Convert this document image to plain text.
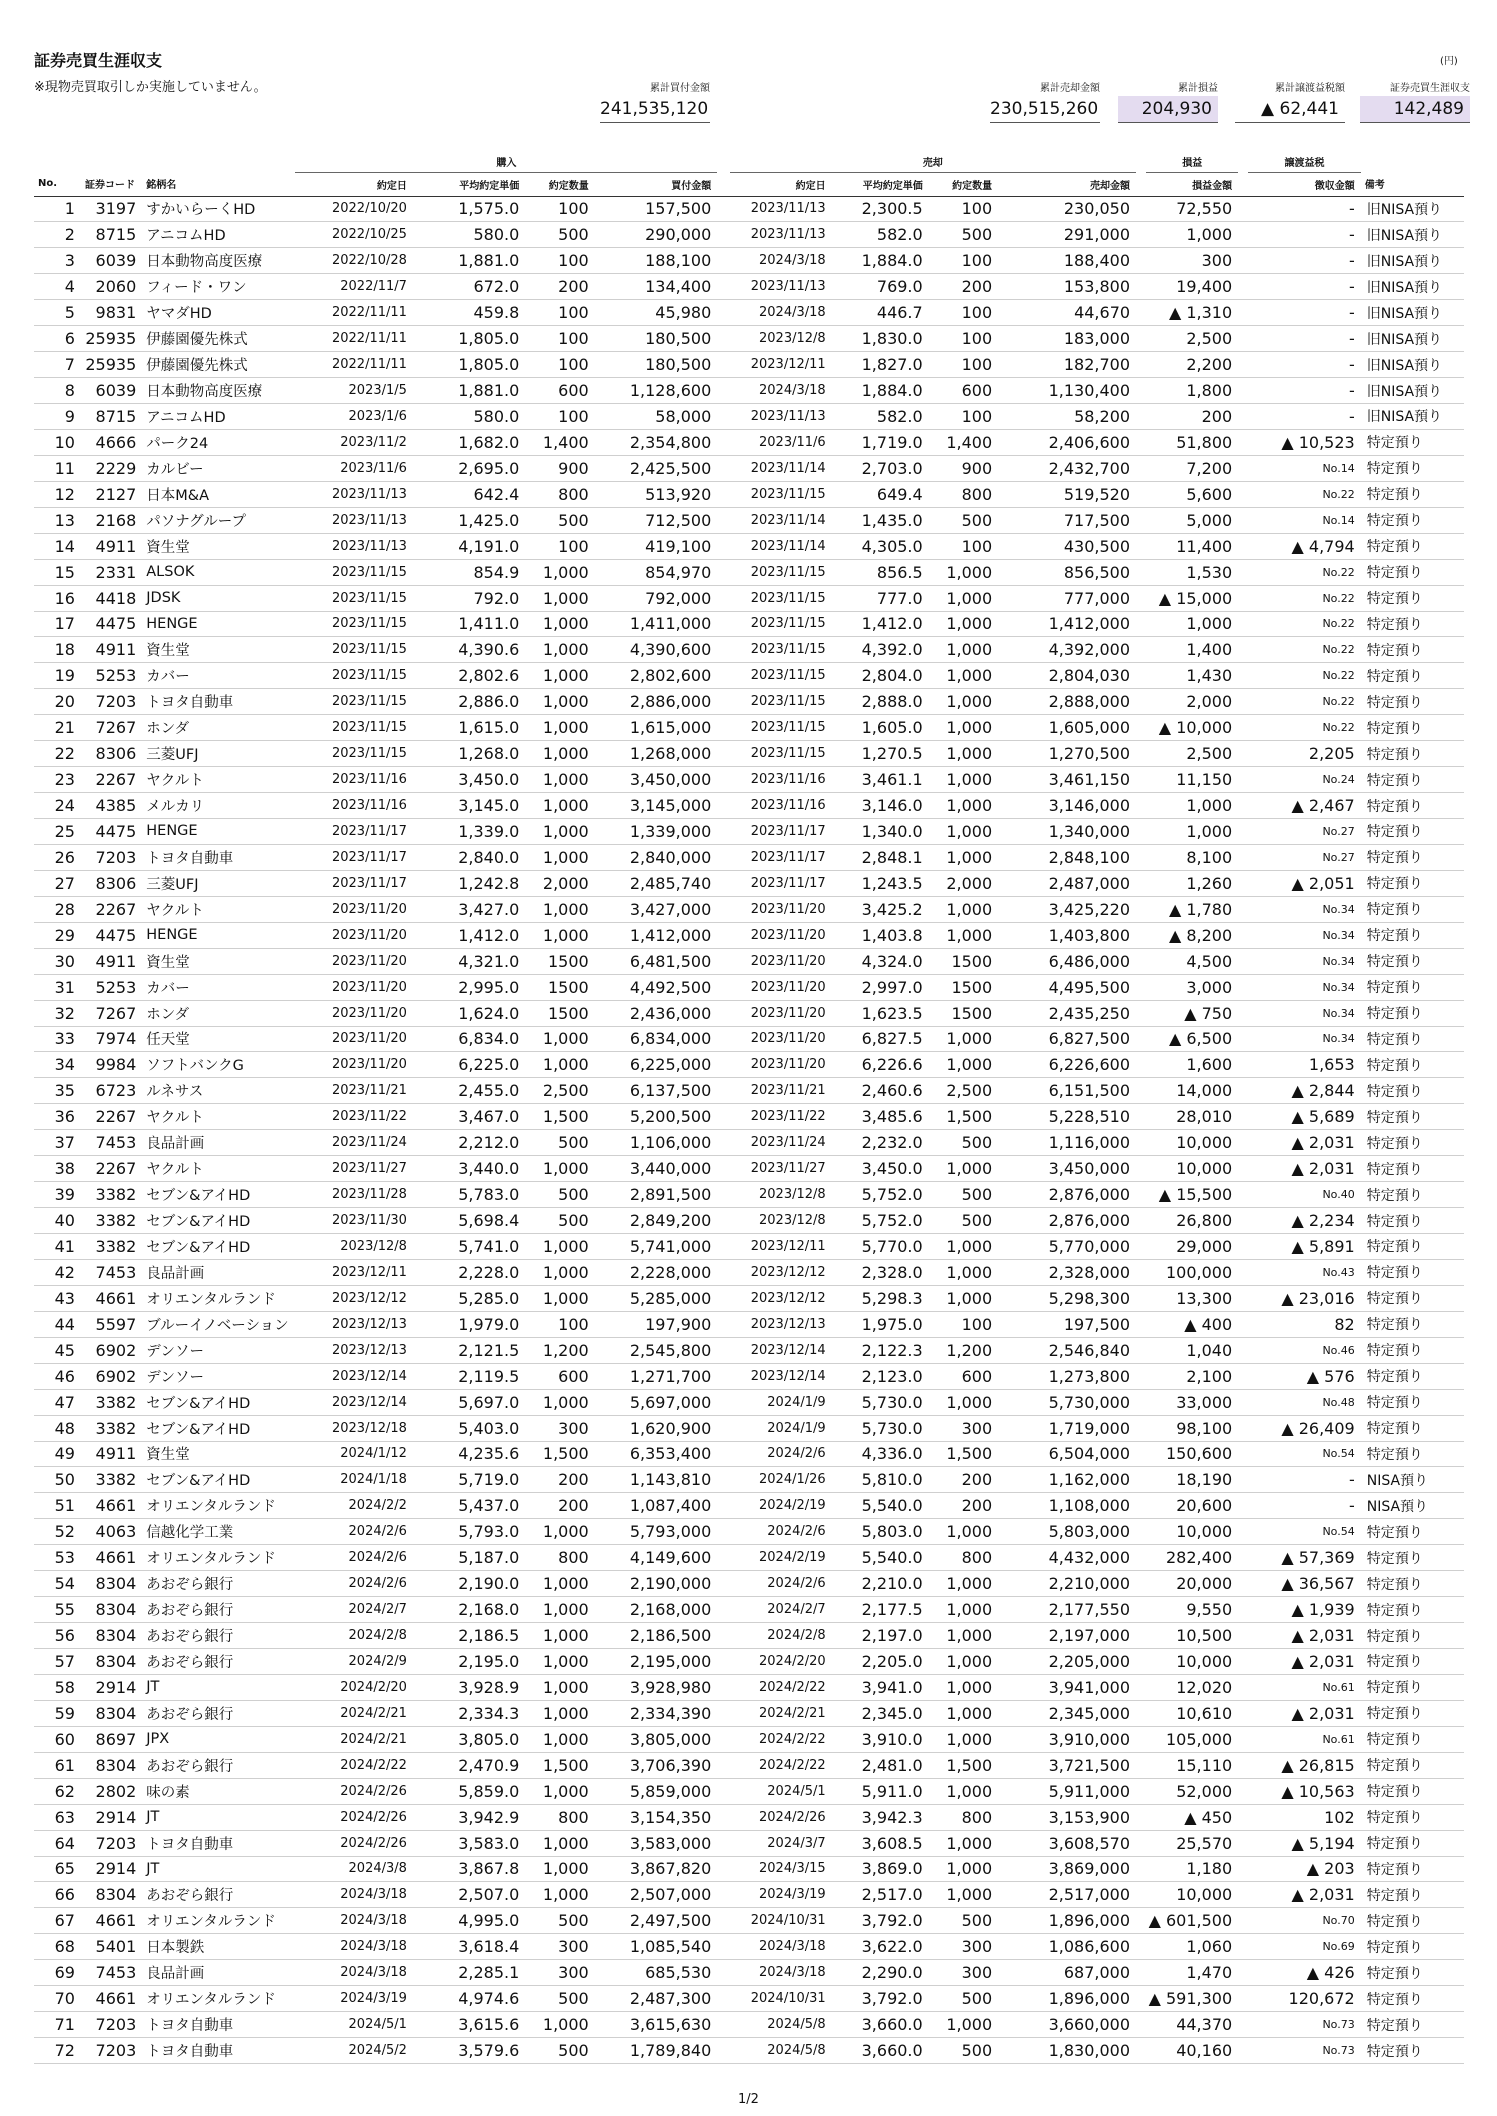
証券売買生涯収支
※現物売買取引しか実施していません。
(円)
累計買付金額
241,535,120
累計売却金額
230,515,260
累計損益
204,930
累計譲渡益税額
▲ 62,441
証券売買生涯収支
142,489
			購入					売却					損益		譲渡益税	
No.	証券コード	銘柄名	約定日	平均約定単価	約定数量	買付金額		約定日	平均約定単価	約定数量	売却金額		損益金額		徴収金額	備考
1	3197	すかいらーくHD	2022/10/20	1,575.0	100	157,500		2023/11/13	2,300.5	100	230,050		72,550		-	旧NISA預り
2	8715	アニコムHD	2022/10/25	580.0	500	290,000		2023/11/13	582.0	500	291,000		1,000		-	旧NISA預り
3	6039	日本動物高度医療	2022/10/28	1,881.0	100	188,100		2024/3/18	1,884.0	100	188,400		300		-	旧NISA預り
4	2060	フィード・ワン	2022/11/7	672.0	200	134,400		2023/11/13	769.0	200	153,800		19,400		-	旧NISA預り
5	9831	ヤマダHD	2022/11/11	459.8	100	45,980		2024/3/18	446.7	100	44,670		▲ 1,310		-	旧NISA預り
6	25935	伊藤園優先株式	2022/11/11	1,805.0	100	180,500		2023/12/8	1,830.0	100	183,000		2,500		-	旧NISA預り
7	25935	伊藤園優先株式	2022/11/11	1,805.0	100	180,500		2023/12/11	1,827.0	100	182,700		2,200		-	旧NISA預り
8	6039	日本動物高度医療	2023/1/5	1,881.0	600	1,128,600		2024/3/18	1,884.0	600	1,130,400		1,800		-	旧NISA預り
9	8715	アニコムHD	2023/1/6	580.0	100	58,000		2023/11/13	582.0	100	58,200		200		-	旧NISA預り
10	4666	パーク24	2023/11/2	1,682.0	1,400	2,354,800		2023/11/6	1,719.0	1,400	2,406,600		51,800		▲ 10,523	特定預り
11	2229	カルビー	2023/11/6	2,695.0	900	2,425,500		2023/11/14	2,703.0	900	2,432,700		7,200		No.14	特定預り
12	2127	日本M&A	2023/11/13	642.4	800	513,920		2023/11/15	649.4	800	519,520		5,600		No.22	特定預り
13	2168	パソナグループ	2023/11/13	1,425.0	500	712,500		2023/11/14	1,435.0	500	717,500		5,000		No.14	特定預り
14	4911	資生堂	2023/11/13	4,191.0	100	419,100		2023/11/14	4,305.0	100	430,500		11,400		▲ 4,794	特定預り
15	2331	ALSOK	2023/11/15	854.9	1,000	854,970		2023/11/15	856.5	1,000	856,500		1,530		No.22	特定預り
16	4418	JDSK	2023/11/15	792.0	1,000	792,000		2023/11/15	777.0	1,000	777,000		▲ 15,000		No.22	特定預り
17	4475	HENGE	2023/11/15	1,411.0	1,000	1,411,000		2023/11/15	1,412.0	1,000	1,412,000		1,000		No.22	特定預り
18	4911	資生堂	2023/11/15	4,390.6	1,000	4,390,600		2023/11/15	4,392.0	1,000	4,392,000		1,400		No.22	特定預り
19	5253	カバー	2023/11/15	2,802.6	1,000	2,802,600		2023/11/15	2,804.0	1,000	2,804,030		1,430		No.22	特定預り
20	7203	トヨタ自動車	2023/11/15	2,886.0	1,000	2,886,000		2023/11/15	2,888.0	1,000	2,888,000		2,000		No.22	特定預り
21	7267	ホンダ	2023/11/15	1,615.0	1,000	1,615,000		2023/11/15	1,605.0	1,000	1,605,000		▲ 10,000		No.22	特定預り
22	8306	三菱UFJ	2023/11/15	1,268.0	1,000	1,268,000		2023/11/15	1,270.5	1,000	1,270,500		2,500		2,205	特定預り
23	2267	ヤクルト	2023/11/16	3,450.0	1,000	3,450,000		2023/11/16	3,461.1	1,000	3,461,150		11,150		No.24	特定預り
24	4385	メルカリ	2023/11/16	3,145.0	1,000	3,145,000		2023/11/16	3,146.0	1,000	3,146,000		1,000		▲ 2,467	特定預り
25	4475	HENGE	2023/11/17	1,339.0	1,000	1,339,000		2023/11/17	1,340.0	1,000	1,340,000		1,000		No.27	特定預り
26	7203	トヨタ自動車	2023/11/17	2,840.0	1,000	2,840,000		2023/11/17	2,848.1	1,000	2,848,100		8,100		No.27	特定預り
27	8306	三菱UFJ	2023/11/17	1,242.8	2,000	2,485,740		2023/11/17	1,243.5	2,000	2,487,000		1,260		▲ 2,051	特定預り
28	2267	ヤクルト	2023/11/20	3,427.0	1,000	3,427,000		2023/11/20	3,425.2	1,000	3,425,220		▲ 1,780		No.34	特定預り
29	4475	HENGE	2023/11/20	1,412.0	1,000	1,412,000		2023/11/20	1,403.8	1,000	1,403,800		▲ 8,200		No.34	特定預り
30	4911	資生堂	2023/11/20	4,321.0	1500	6,481,500		2023/11/20	4,324.0	1500	6,486,000		4,500		No.34	特定預り
31	5253	カバー	2023/11/20	2,995.0	1500	4,492,500		2023/11/20	2,997.0	1500	4,495,500		3,000		No.34	特定預り
32	7267	ホンダ	2023/11/20	1,624.0	1500	2,436,000		2023/11/20	1,623.5	1500	2,435,250		▲ 750		No.34	特定預り
33	7974	任天堂	2023/11/20	6,834.0	1,000	6,834,000		2023/11/20	6,827.5	1,000	6,827,500		▲ 6,500		No.34	特定預り
34	9984	ソフトバンクG	2023/11/20	6,225.0	1,000	6,225,000		2023/11/20	6,226.6	1,000	6,226,600		1,600		1,653	特定預り
35	6723	ルネサス	2023/11/21	2,455.0	2,500	6,137,500		2023/11/21	2,460.6	2,500	6,151,500		14,000		▲ 2,844	特定預り
36	2267	ヤクルト	2023/11/22	3,467.0	1,500	5,200,500		2023/11/22	3,485.6	1,500	5,228,510		28,010		▲ 5,689	特定預り
37	7453	良品計画	2023/11/24	2,212.0	500	1,106,000		2023/11/24	2,232.0	500	1,116,000		10,000		▲ 2,031	特定預り
38	2267	ヤクルト	2023/11/27	3,440.0	1,000	3,440,000		2023/11/27	3,450.0	1,000	3,450,000		10,000		▲ 2,031	特定預り
39	3382	セブン&アイHD	2023/11/28	5,783.0	500	2,891,500		2023/12/8	5,752.0	500	2,876,000		▲ 15,500		No.40	特定預り
40	3382	セブン&アイHD	2023/11/30	5,698.4	500	2,849,200		2023/12/8	5,752.0	500	2,876,000		26,800		▲ 2,234	特定預り
41	3382	セブン&アイHD	2023/12/8	5,741.0	1,000	5,741,000		2023/12/11	5,770.0	1,000	5,770,000		29,000		▲ 5,891	特定預り
42	7453	良品計画	2023/12/11	2,228.0	1,000	2,228,000		2023/12/12	2,328.0	1,000	2,328,000		100,000		No.43	特定預り
43	4661	オリエンタルランド	2023/12/12	5,285.0	1,000	5,285,000		2023/12/12	5,298.3	1,000	5,298,300		13,300		▲ 23,016	特定預り
44	5597	ブルーイノベーション	2023/12/13	1,979.0	100	197,900		2023/12/13	1,975.0	100	197,500		▲ 400		82	特定預り
45	6902	デンソー	2023/12/13	2,121.5	1,200	2,545,800		2023/12/14	2,122.3	1,200	2,546,840		1,040		No.46	特定預り
46	6902	デンソー	2023/12/14	2,119.5	600	1,271,700		2023/12/14	2,123.0	600	1,273,800		2,100		▲ 576	特定預り
47	3382	セブン&アイHD	2023/12/14	5,697.0	1,000	5,697,000		2024/1/9	5,730.0	1,000	5,730,000		33,000		No.48	特定預り
48	3382	セブン&アイHD	2023/12/18	5,403.0	300	1,620,900		2024/1/9	5,730.0	300	1,719,000		98,100		▲ 26,409	特定預り
49	4911	資生堂	2024/1/12	4,235.6	1,500	6,353,400		2024/2/6	4,336.0	1,500	6,504,000		150,600		No.54	特定預り
50	3382	セブン&アイHD	2024/1/18	5,719.0	200	1,143,810		2024/1/26	5,810.0	200	1,162,000		18,190		-	NISA預り
51	4661	オリエンタルランド	2024/2/2	5,437.0	200	1,087,400		2024/2/19	5,540.0	200	1,108,000		20,600		-	NISA預り
52	4063	信越化学工業	2024/2/6	5,793.0	1,000	5,793,000		2024/2/6	5,803.0	1,000	5,803,000		10,000		No.54	特定預り
53	4661	オリエンタルランド	2024/2/6	5,187.0	800	4,149,600		2024/2/19	5,540.0	800	4,432,000		282,400		▲ 57,369	特定預り
54	8304	あおぞら銀行	2024/2/6	2,190.0	1,000	2,190,000		2024/2/6	2,210.0	1,000	2,210,000		20,000		▲ 36,567	特定預り
55	8304	あおぞら銀行	2024/2/7	2,168.0	1,000	2,168,000		2024/2/7	2,177.5	1,000	2,177,550		9,550		▲ 1,939	特定預り
56	8304	あおぞら銀行	2024/2/8	2,186.5	1,000	2,186,500		2024/2/8	2,197.0	1,000	2,197,000		10,500		▲ 2,031	特定預り
57	8304	あおぞら銀行	2024/2/9	2,195.0	1,000	2,195,000		2024/2/20	2,205.0	1,000	2,205,000		10,000		▲ 2,031	特定預り
58	2914	JT	2024/2/20	3,928.9	1,000	3,928,980		2024/2/22	3,941.0	1,000	3,941,000		12,020		No.61	特定預り
59	8304	あおぞら銀行	2024/2/21	2,334.3	1,000	2,334,390		2024/2/21	2,345.0	1,000	2,345,000		10,610		▲ 2,031	特定預り
60	8697	JPX	2024/2/21	3,805.0	1,000	3,805,000		2024/2/22	3,910.0	1,000	3,910,000		105,000		No.61	特定預り
61	8304	あおぞら銀行	2024/2/22	2,470.9	1,500	3,706,390		2024/2/22	2,481.0	1,500	3,721,500		15,110		▲ 26,815	特定預り
62	2802	味の素	2024/2/26	5,859.0	1,000	5,859,000		2024/5/1	5,911.0	1,000	5,911,000		52,000		▲ 10,563	特定預り
63	2914	JT	2024/2/26	3,942.9	800	3,154,350		2024/2/26	3,942.3	800	3,153,900		▲ 450		102	特定預り
64	7203	トヨタ自動車	2024/2/26	3,583.0	1,000	3,583,000		2024/3/7	3,608.5	1,000	3,608,570		25,570		▲ 5,194	特定預り
65	2914	JT	2024/3/8	3,867.8	1,000	3,867,820		2024/3/15	3,869.0	1,000	3,869,000		1,180		▲ 203	特定預り
66	8304	あおぞら銀行	2024/3/18	2,507.0	1,000	2,507,000		2024/3/19	2,517.0	1,000	2,517,000		10,000		▲ 2,031	特定預り
67	4661	オリエンタルランド	2024/3/18	4,995.0	500	2,497,500		2024/10/31	3,792.0	500	1,896,000		▲ 601,500		No.70	特定預り
68	5401	日本製鉄	2024/3/18	3,618.4	300	1,085,540		2024/3/18	3,622.0	300	1,086,600		1,060		No.69	特定預り
69	7453	良品計画	2024/3/18	2,285.1	300	685,530		2024/3/18	2,290.0	300	687,000		1,470		▲ 426	特定預り
70	4661	オリエンタルランド	2024/3/19	4,974.6	500	2,487,300		2024/10/31	3,792.0	500	1,896,000		▲ 591,300		120,672	特定預り
71	7203	トヨタ自動車	2024/5/1	3,615.6	1,000	3,615,630		2024/5/8	3,660.0	1,000	3,660,000		44,370		No.73	特定預り
72	7203	トヨタ自動車	2024/5/2	3,579.6	500	1,789,840		2024/5/8	3,660.0	500	1,830,000		40,160		No.73	特定預り
1/2
